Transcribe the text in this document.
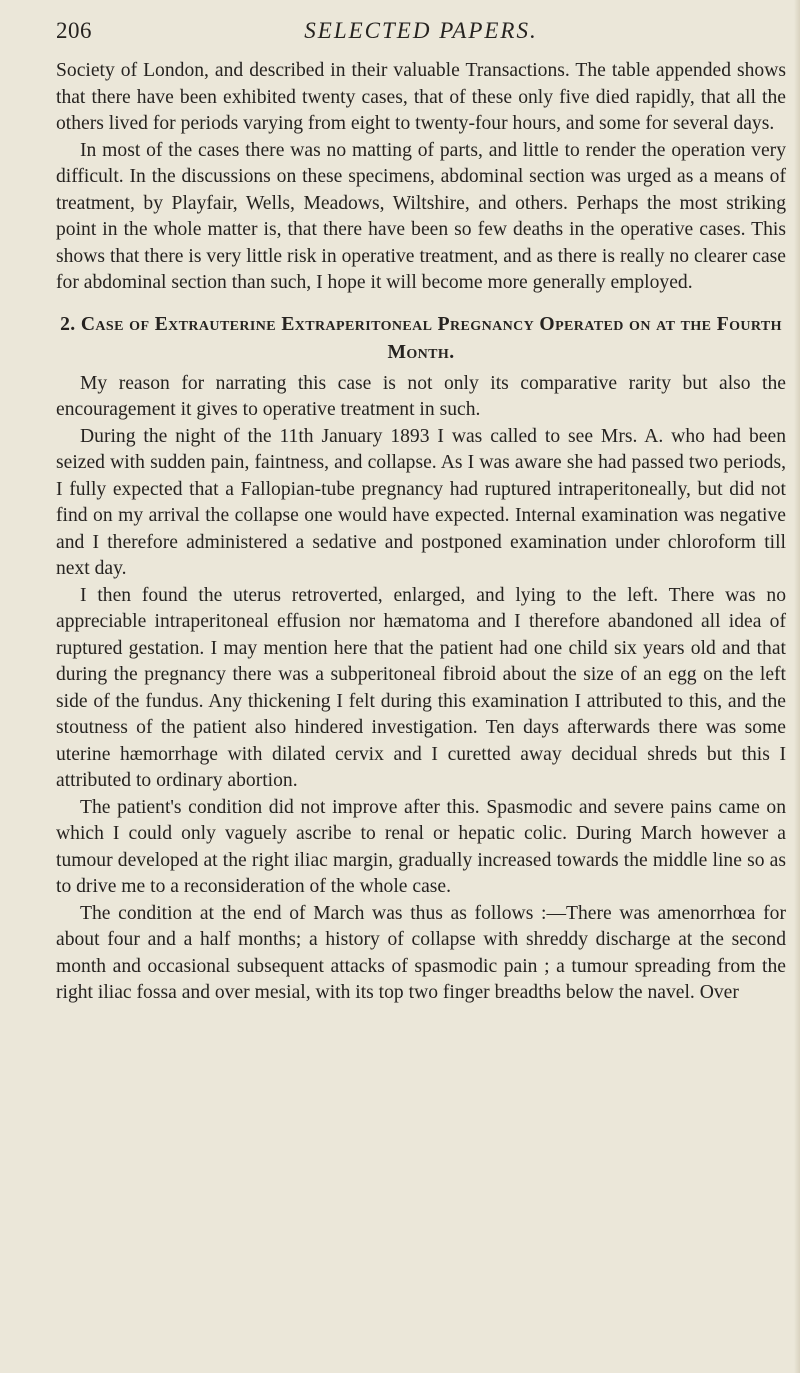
206	SELECTED PAPERS.

Society of London, and described in their valuable Transactions. The table appended shows that there have been exhibited twenty cases, that of these only five died rapidly, that all the others lived for periods varying from eight to twenty-four hours, and some for several days.

In most of the cases there was no matting of parts, and little to render the operation very difficult. In the discussions on these specimens, abdominal section was urged as a means of treatment, by Playfair, Wells, Meadows, Wiltshire, and others. Perhaps the most striking point in the whole matter is, that there have been so few deaths in the operative cases. This shows that there is very little risk in operative treatment, and as there is really no clearer case for abdominal section than such, I hope it will become more generally employed.

2. Case of Extrauterine Extraperitoneal Pregnancy Operated on at the Fourth Month.

My reason for narrating this case is not only its comparative rarity but also the encouragement it gives to operative treatment in such.

During the night of the 11th January 1893 I was called to see Mrs. A. who had been seized with sudden pain, faintness, and collapse. As I was aware she had passed two periods, I fully expected that a Fallopian-tube pregnancy had ruptured intraperitoneally, but did not find on my arrival the collapse one would have expected. Internal examination was negative and I therefore administered a sedative and postponed examination under chloroform till next day.

I then found the uterus retroverted, enlarged, and lying to the left. There was no appreciable intraperitoneal effusion nor hæmatoma and I therefore abandoned all idea of ruptured gestation. I may mention here that the patient had one child six years old and that during the pregnancy there was a subperitoneal fibroid about the size of an egg on the left side of the fundus. Any thickening I felt during this examination I attributed to this, and the stoutness of the patient also hindered investigation. Ten days afterwards there was some uterine hæmorrhage with dilated cervix and I curetted away decidual shreds but this I attributed to ordinary abortion.

The patient's condition did not improve after this. Spasmodic and severe pains came on which I could only vaguely ascribe to renal or hepatic colic. During March however a tumour developed at the right iliac margin, gradually increased towards the middle line so as to drive me to a reconsideration of the whole case.

The condition at the end of March was thus as follows :—There was amenorrhœa for about four and a half months; a history of collapse with shreddy discharge at the second month and occasional subsequent attacks of spasmodic pain ; a tumour spreading from the right iliac fossa and over mesial, with its top two finger breadths below the navel. Over
